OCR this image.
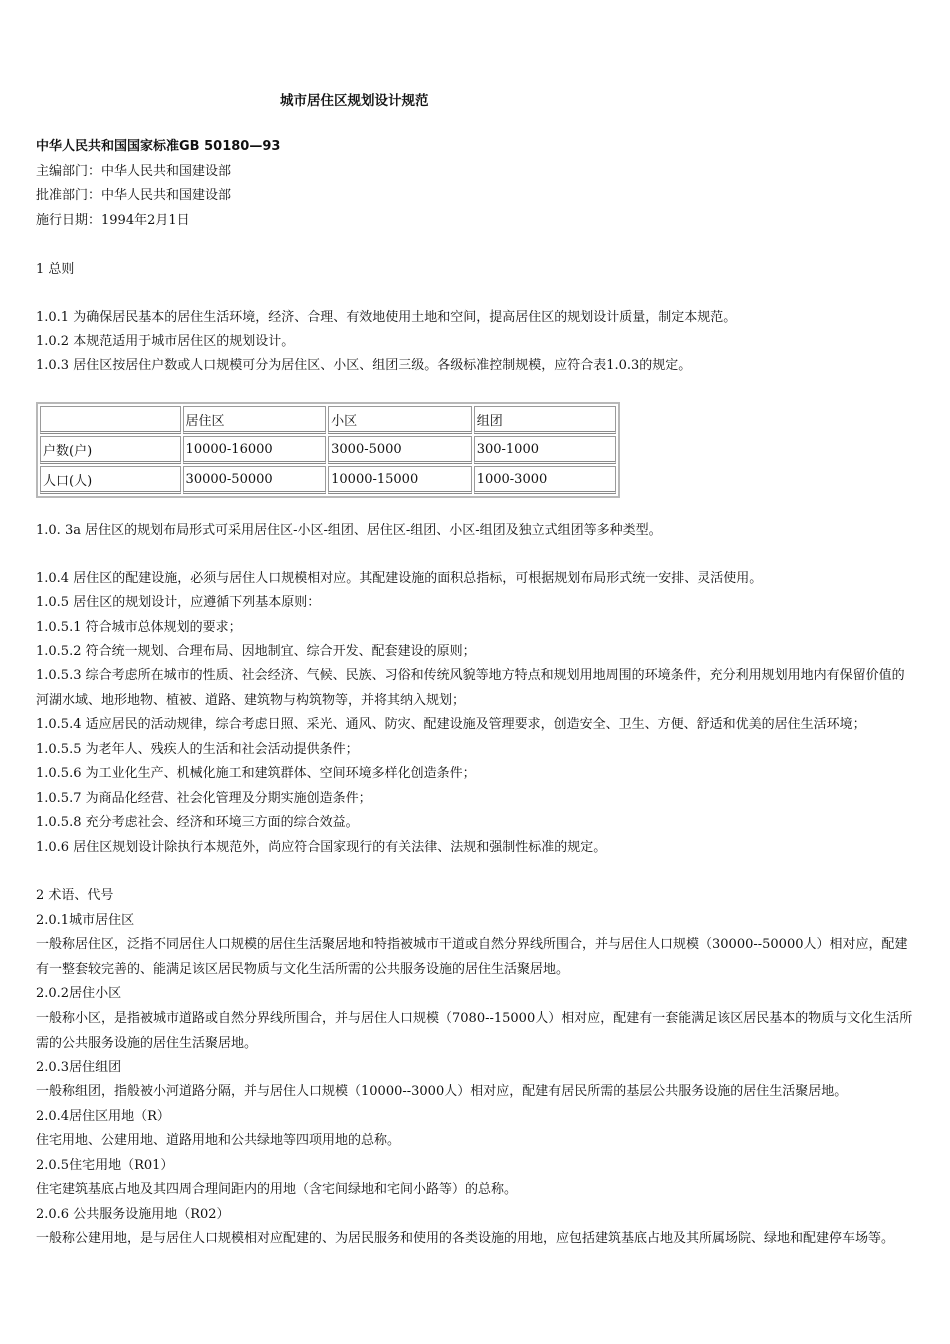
城市居住区规划设计规范
中华人民共和国国家标准GB 50180—93
主编部门：中华人民共和国建设部
批准部门：中华人民共和国建设部
施行日期：1994年2月1日
1 总则
1.0.1 为确保居民基本的居住生活环境，经济、合理、有效地使用土地和空间，提高居住区的规划设计质量，制定本规范。
1.0.2 本规范适用于城市居住区的规划设计。
1.0.3 居住区按居住户数或人口规模可分为居住区、小区、组团三级。各级标准控制规模，应符合表1.0.3的规定。
	居住区	小区	组团
户数(户)	10000-16000	3000-5000	300-1000
人口(人)	30000-50000	10000-15000	1000-3000
1.0. 3a 居住区的规划布局形式可采用居住区-小区-组团、居住区-组团、小区-组团及独立式组团等多种类型。
1.0.4 居住区的配建设施，必须与居住人口规模相对应。其配建设施的面积总指标，可根据规划布局形式统一安排、灵活使用。
1.0.5 居住区的规划设计，应遵循下列基本原则：
1.0.5.1 符合城市总体规划的要求；
1.0.5.2 符合统一规划、合理布局、因地制宜、综合开发、配套建设的原则；
1.0.5.3 综合考虑所在城市的性质、社会经济、气候、民族、习俗和传统风貌等地方特点和规划用地周围的环境条件，充分利用规划用地内有保留价值的河湖水域、地形地物、植被、道路、建筑物与构筑物等，并将其纳入规划；
1.0.5.4 适应居民的活动规律，综合考虑日照、采光、通风、防灾、配建设施及管理要求，创造安全、卫生、方便、舒适和优美的居住生活环境；
1.0.5.5 为老年人、残疾人的生活和社会活动提供条件；
1.0.5.6 为工业化生产、机械化施工和建筑群体、空间环境多样化创造条件；
1.0.5.7 为商品化经营、社会化管理及分期实施创造条件；
1.0.5.8 充分考虑社会、经济和环境三方面的综合效益。
1.0.6 居住区规划设计除执行本规范外，尚应符合国家现行的有关法律、法规和强制性标准的规定。
2 术语、代号
2.0.1城市居住区
一般称居住区，泛指不同居住人口规模的居住生活聚居地和特指被城市干道或自然分界线所围合，并与居住人口规模（30000--50000人）相对应，配建有一整套较完善的、能满足该区居民物质与文化生活所需的公共服务设施的居住生活聚居地。
2.0.2居住小区
一般称小区，是指被城市道路或自然分界线所围合，并与居住人口规模（7080--15000人）相对应，配建有一套能满足该区居民基本的物质与文化生活所需的公共服务设施的居住生活聚居地。
2.0.3居住组团
一般称组团，指般被小河道路分隔，并与居住人口规模（10000--3000人）相对应，配建有居民所需的基层公共服务设施的居住生活聚居地。
2.0.4居住区用地（R）
住宅用地、公建用地、道路用地和公共绿地等四项用地的总称。
2.0.5住宅用地（R01）
住宅建筑基底占地及其四周合理间距内的用地（含宅间绿地和宅间小路等）的总称。
2.0.6 公共服务设施用地（R02）
一般称公建用地，是与居住人口规模相对应配建的、为居民服务和使用的各类设施的用地，应包括建筑基底占地及其所属场院、绿地和配建停车场等。
